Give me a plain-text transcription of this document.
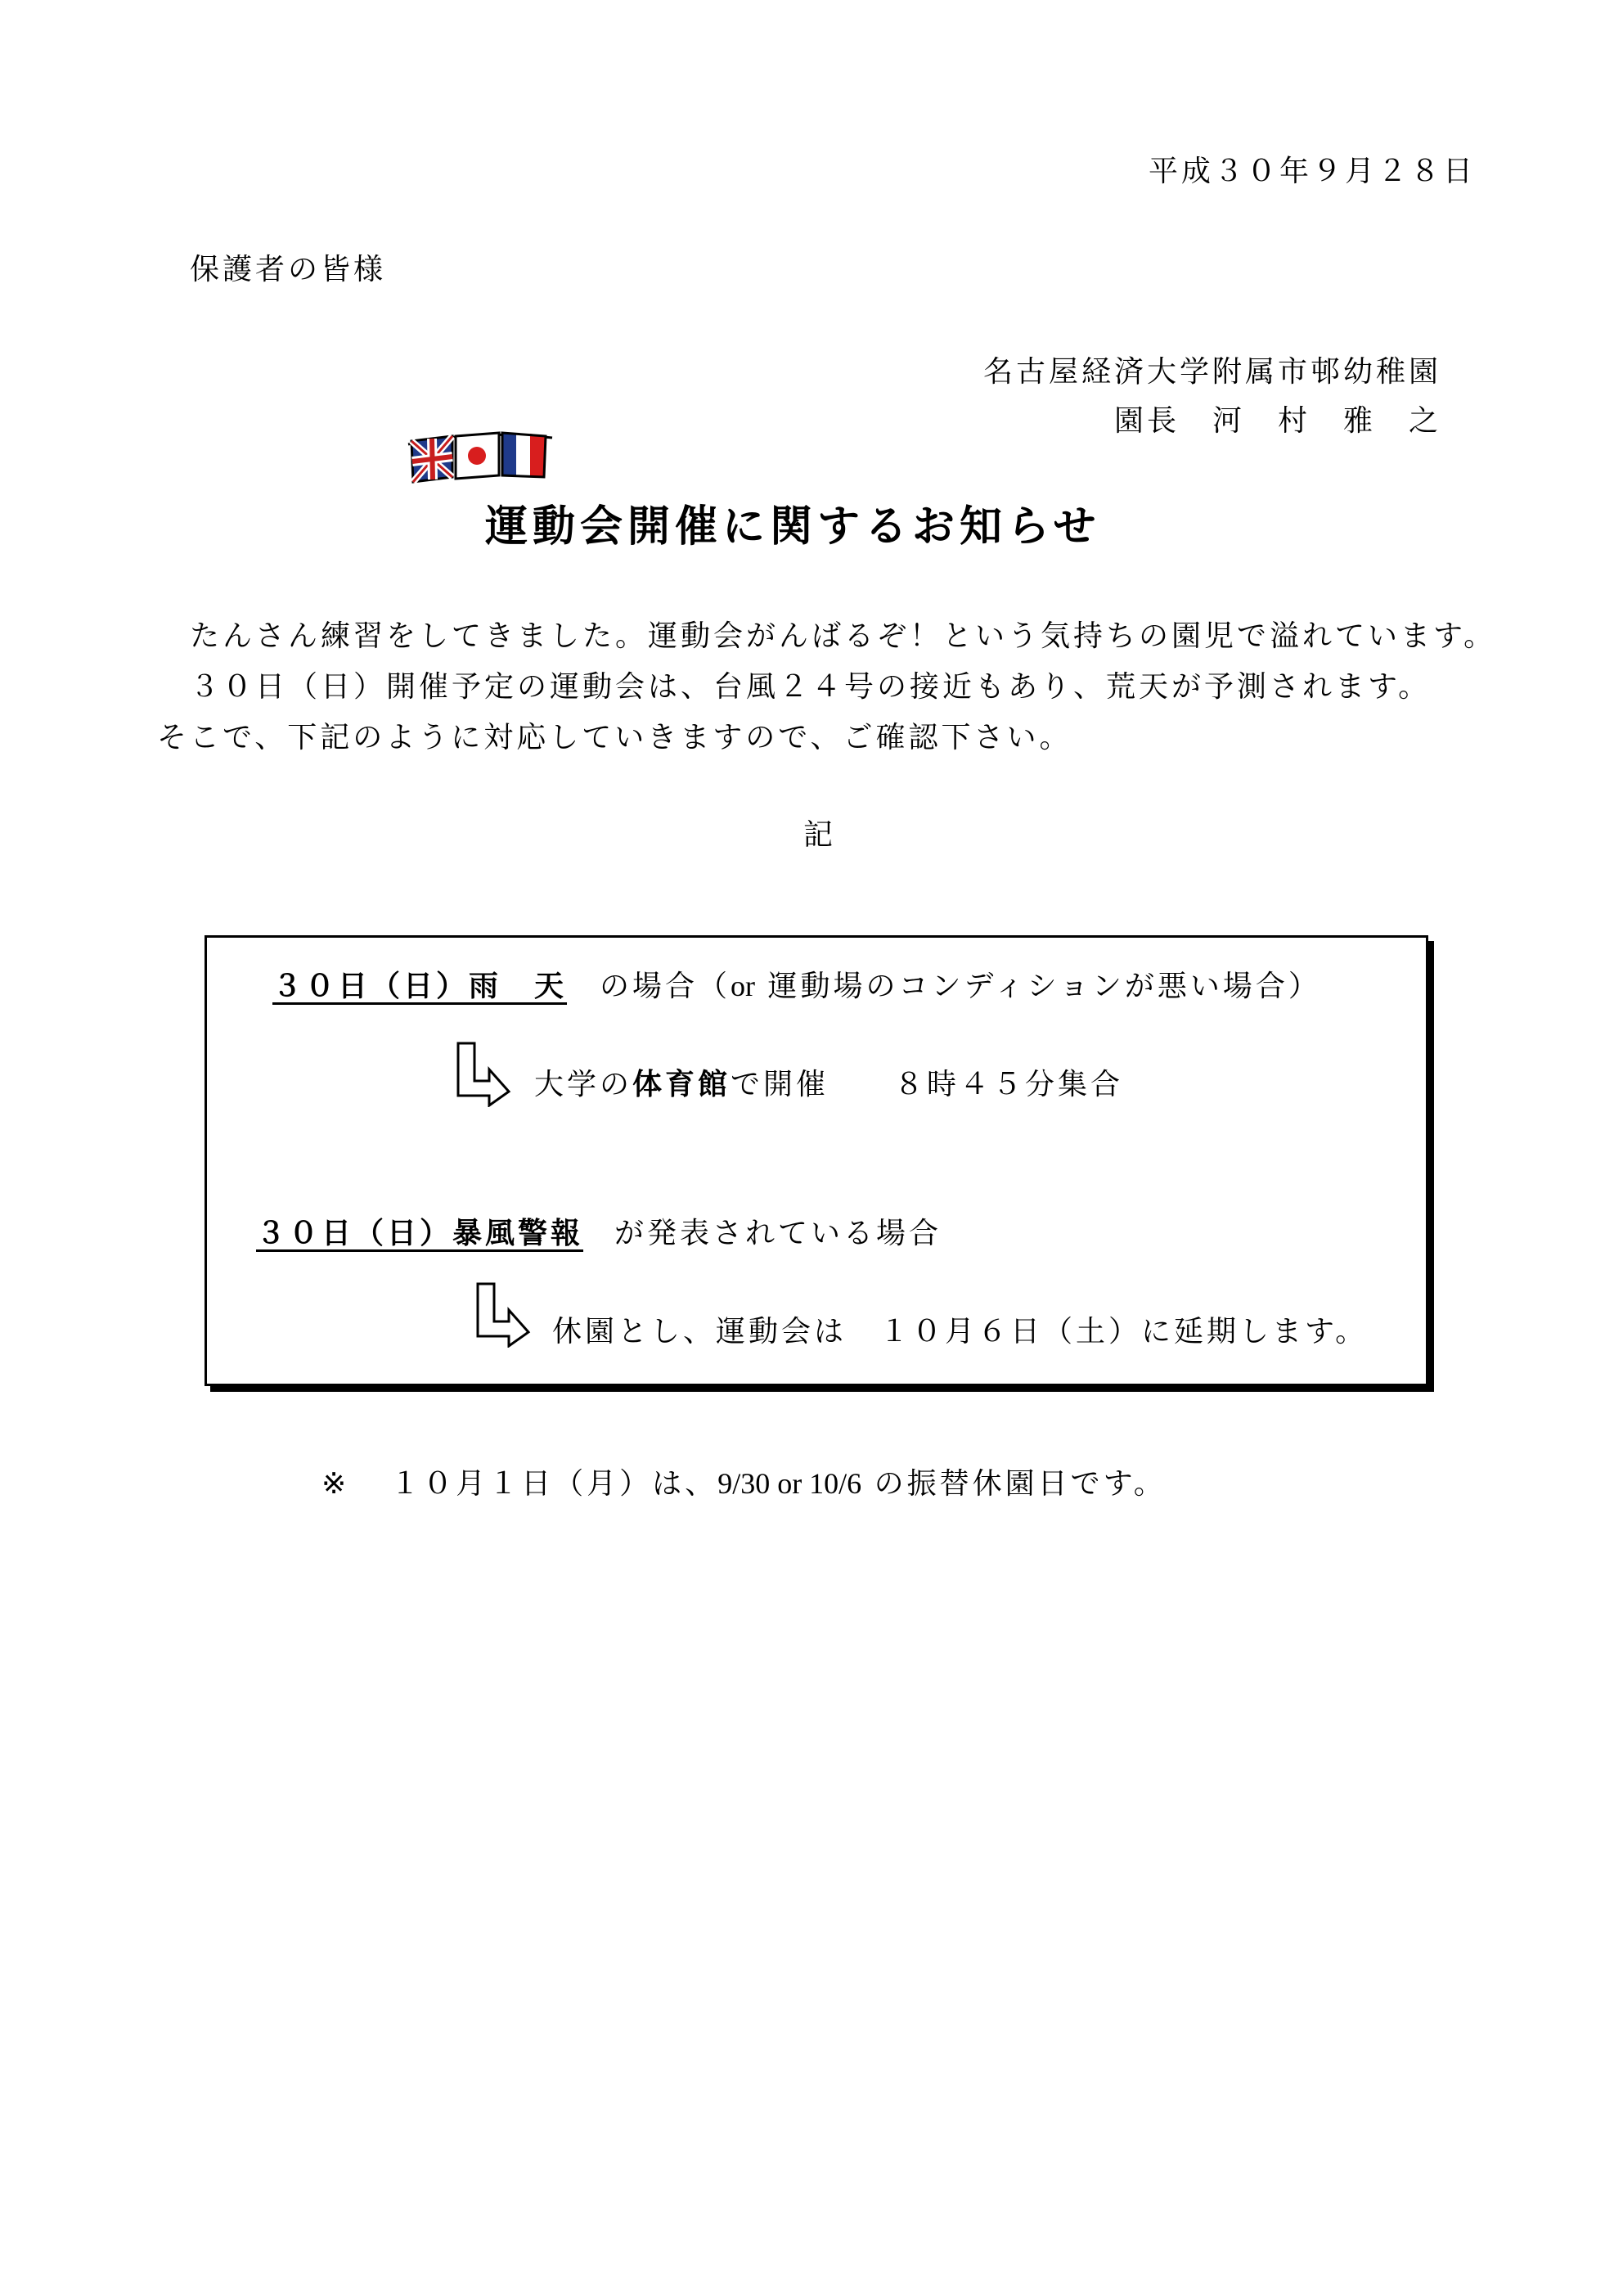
平成３０年９月２８日
保護者の皆様
名古屋経済大学附属市邨幼稚園
園長　河　村　雅　之
運動会開催に関するお知らせ
たんさん練習をしてきました。運動会がんばるぞ！という気持ちの園児で溢れています。
３０日（日）開催予定の運動会は、台風２４号の接近もあり、荒天が予測されます。
そこで、下記のように対応していきますので、ご確認下さい。
記
３０日（日）雨　天 の場合（or 運動場のコンディションが悪い場合）
大学の体育館で開催　　８時４５分集合
３０日（日）暴風警報 が発表されている場合
休園とし、運動会は　１０月６日（土）に延期します。
※ １０月１日（月）は、9/30 or 10/6 の振替休園日です。
